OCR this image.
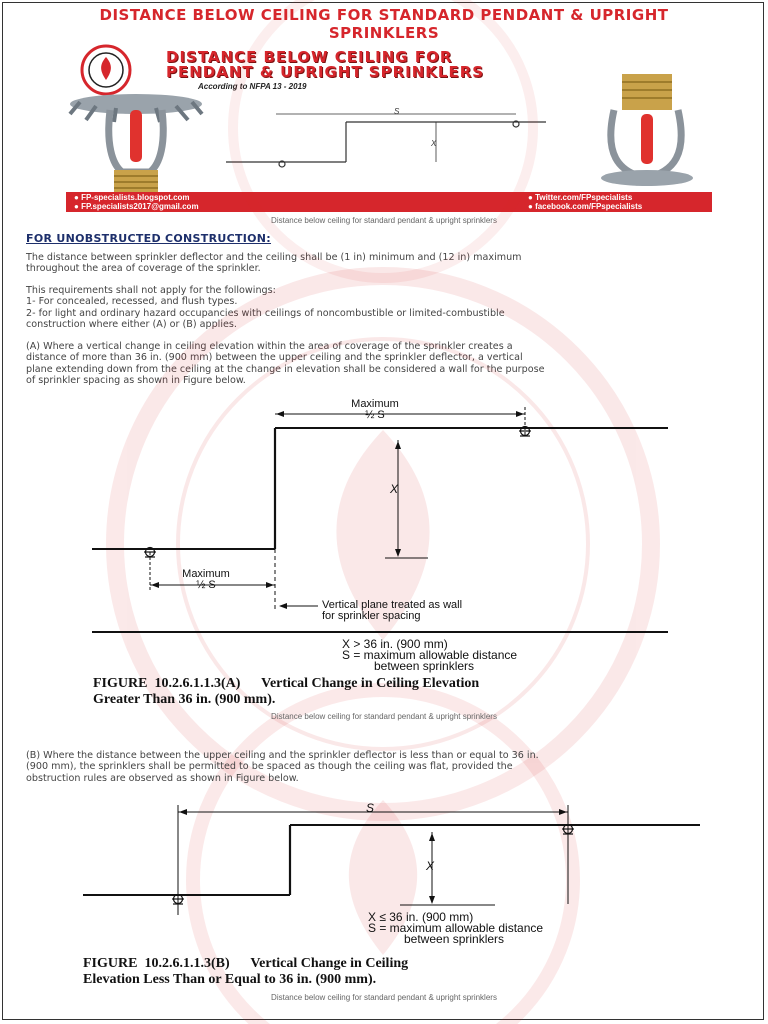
DISTANCE BELOW CEILING FOR STANDARD PENDANT & UPRIGHT
SPRINKLERS
S
X
DISTANCE BELOW CEILING FOR
PENDANT & UPRIGHT SPRINKLERS
According to NFPA 13 - 2019
● FP-specialists.blogspot.com
● FP.specialists2017@gmail.com
● Twitter.com/FPspecialists
● facebook.com/FPspecialists
Distance below ceiling for standard pendant & upright sprinklers
FOR UNOBSTRUCTED CONSTRUCTION:
The distance between sprinkler deflector and the ceiling shall be (1 in) minimum and (12 in) maximum
throughout the area of coverage of the sprinkler.
This requirements shall not apply for the followings:
1- For concealed, recessed, and flush types.
2- for light and ordinary hazard occupancies with ceilings of noncombustible or limited-combustible
construction where either (A) or (B) applies.
(A) Where a vertical change in ceiling elevation within the area of coverage of the sprinkler creates a
distance of more than 36 in. (900 mm) between the upper ceiling and the sprinkler deflector, a vertical
plane extending down from the ceiling at the change in elevation shall be considered a wall for the purpose
of sprinkler spacing as shown in Figure below.
Maximum
½ S
X
Maximum
½ S
Vertical plane treated as wall
for sprinkler spacing
X > 36 in. (900 mm)
S = maximum allowable distance
between sprinklers
FIGURE  10.2.6.1.1.3(A)      Vertical Change in Ceiling Elevation
Greater Than 36 in. (900 mm).
Distance below ceiling for standard pendant & upright sprinklers
(B) Where the distance between the upper ceiling and the sprinkler deflector is less than or equal to 36 in.
(900 mm), the sprinklers shall be permitted to be spaced as though the ceiling was flat, provided the
obstruction rules are observed as shown in Figure below.
S
X
X ≤ 36 in. (900 mm)
S = maximum allowable distance
between sprinklers
FIGURE  10.2.6.1.1.3(B)      Vertical Change in Ceiling
Elevation Less Than or Equal to 36 in. (900 mm).
Distance below ceiling for standard pendant & upright sprinklers
